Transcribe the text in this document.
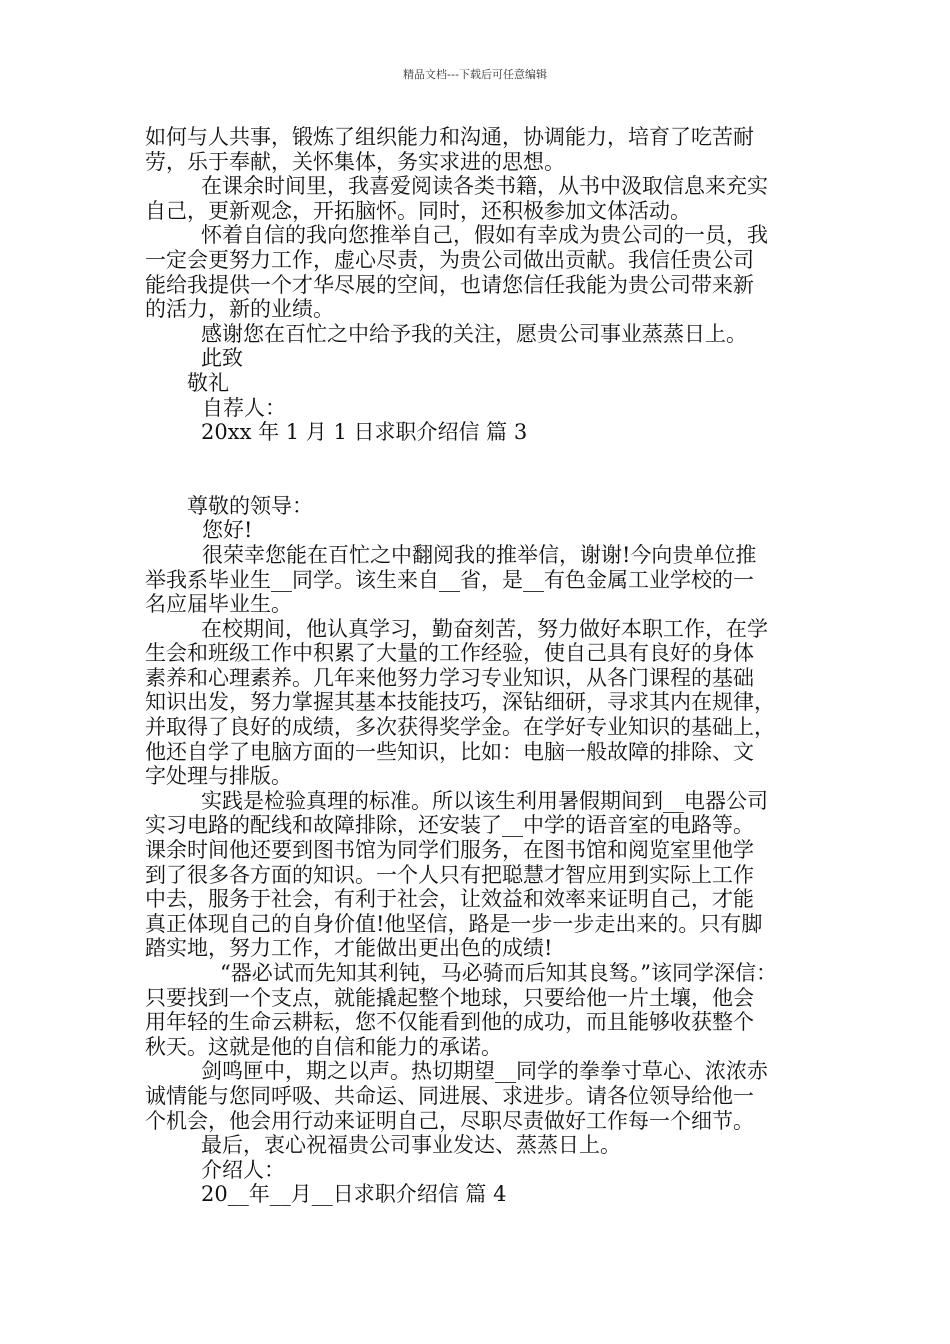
精品文档---下载后可任意编辑
如何与人共事，锻炼了组织能力和沟通，协调能力，培育了吃苦耐
劳，乐于奉献，关怀集体，务实求进的思想。
在课余时间里，我喜爱阅读各类书籍，从书中汲取信息来充实
自己，更新观念，开拓脑怀。同时，还积极参加文体活动。
怀着自信的我向您推举自己，假如有幸成为贵公司的一员，我
一定会更努力工作，虚心尽责，为贵公司做出贡献。我信任贵公司
能给我提供一个才华尽展的空间，也请您信任我能为贵公司带来新
的活力，新的业绩。
感谢您在百忙之中给予我的关注，愿贵公司事业蒸蒸日上。
此致
敬礼
自荐人：
20xx 年 1 月 1 日求职介绍信 篇 3
尊敬的领导：
您好!
很荣幸您能在百忙之中翻阅我的推举信，谢谢!今向贵单位推
举我系毕业生__同学。该生来自__省，是__有色金属工业学校的一
名应届毕业生。
在校期间，他认真学习，勤奋刻苦，努力做好本职工作，在学
生会和班级工作中积累了大量的工作经验，使自己具有良好的身体
素养和心理素养。几年来他努力学习专业知识，从各门课程的基础
知识出发，努力掌握其基本技能技巧，深钻细研，寻求其内在规律，
并取得了良好的成绩，多次获得奖学金。在学好专业知识的基础上，
他还自学了电脑方面的一些知识，比如：电脑一般故障的排除、文
字处理与排版。
实践是检验真理的标准。所以该生利用暑假期间到__电器公司
实习电路的配线和故障排除，还安装了__中学的语音室的电路等。
课余时间他还要到图书馆为同学们服务，在图书馆和阅览室里他学
到了很多各方面的知识。一个人只有把聪慧才智应用到实际上工作
中去，服务于社会，有利于社会，让效益和效率来证明自己，才能
真正体现自己的自身价值!他坚信，路是一步一步走出来的。只有脚
踏实地，努力工作，才能做出更出色的成绩!
“器必试而先知其利钝，马必骑而后知其良驽。”该同学深信：
只要找到一个支点，就能撬起整个地球，只要给他一片土壤，他会
用年轻的生命云耕耘，您不仅能看到他的成功，而且能够收获整个
秋天。这就是他的自信和能力的承诺。
剑鸣匣中，期之以声。热切期望__同学的拳拳寸草心、浓浓赤
诚情能与您同呼吸、共命运、同进展、求进步。请各位领导给他一
个机会，他会用行动来证明自己，尽职尽责做好工作每一个细节。
最后，衷心祝福贵公司事业发达、蒸蒸日上。
介绍人：
20__年__月__日求职介绍信 篇 4
